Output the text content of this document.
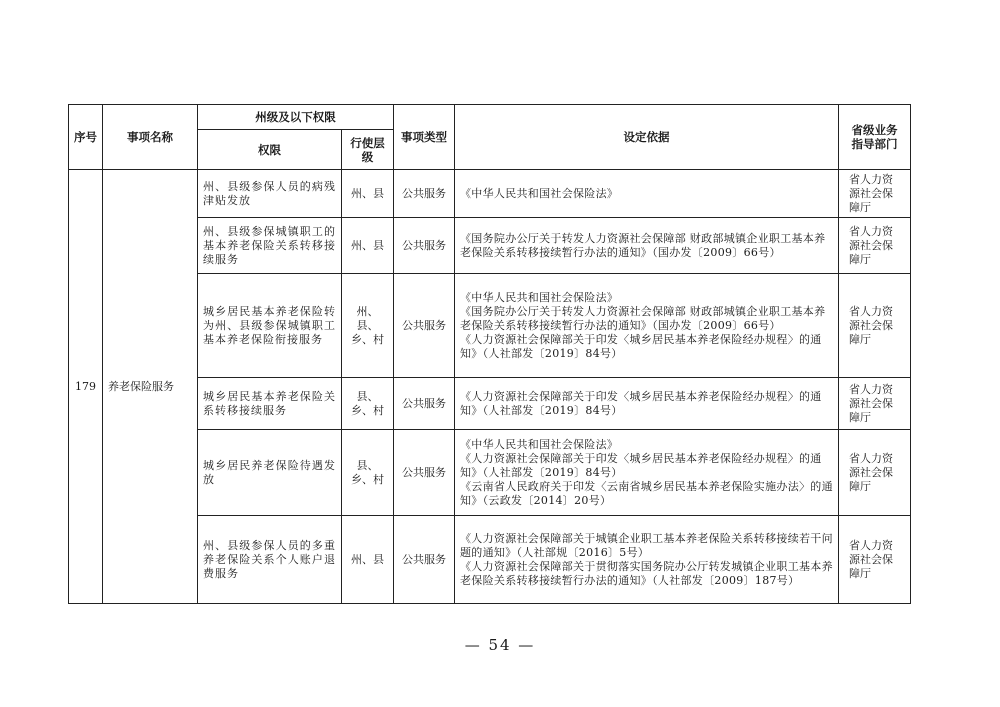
序号	事项名称	州级及以下权限		事项类型	设定依据	省级业务指导部门
		权限	行使层级			
179	养老保险服务	州、县级参保人员的病残津贴发放	州、县	公共服务	《中华人民共和国社会保险法》	省人力资源社会保障厅
		州、县级参保城镇职工的基本养老保险关系转移接续服务	州、县	公共服务	《国务院办公厅关于转发人力资源社会保障部 财政部城镇企业职工基本养老保险关系转移接续暂行办法的通知》（国办发〔2009〕66号）	省人力资源社会保障厅
		城乡居民基本养老保险转为州、县级参保城镇职工基本养老保险衔接服务	州、县、乡、村	公共服务	《中华人民共和国社会保险法》
《国务院办公厅关于转发人力资源社会保障部 财政部城镇企业职工基本养老保险关系转移接续暂行办法的通知》（国办发〔2009〕66号）
《人力资源社会保障部关于印发〈城乡居民基本养老保险经办规程〉的通知》（人社部发〔2019〕84号）	省人力资源社会保障厅
		城乡居民基本养老保险关系转移接续服务	县、乡、村	公共服务	《人力资源社会保障部关于印发〈城乡居民基本养老保险经办规程〉的通知》（人社部发〔2019〕84号）	省人力资源社会保障厅
		城乡居民养老保险待遇发放	县、乡、村	公共服务	《中华人民共和国社会保险法》
《人力资源社会保障部关于印发〈城乡居民基本养老保险经办规程〉的通知》（人社部发〔2019〕84号）
《云南省人民政府关于印发〈云南省城乡居民基本养老保险实施办法〉的通知》（云政发〔2014〕20号）	省人力资源社会保障厅
		州、县级参保人员的多重养老保险关系个人账户退费服务	州、县	公共服务	《人力资源社会保障部关于城镇企业职工基本养老保险关系转移接续若干问题的通知》（人社部规〔2016〕5号）
《人力资源社会保障部关于贯彻落实国务院办公厅转发城镇企业职工基本养老保险关系转移接续暂行办法的通知》（人社部发〔2009〕187号）	省人力资源社会保障厅
— 54 —
